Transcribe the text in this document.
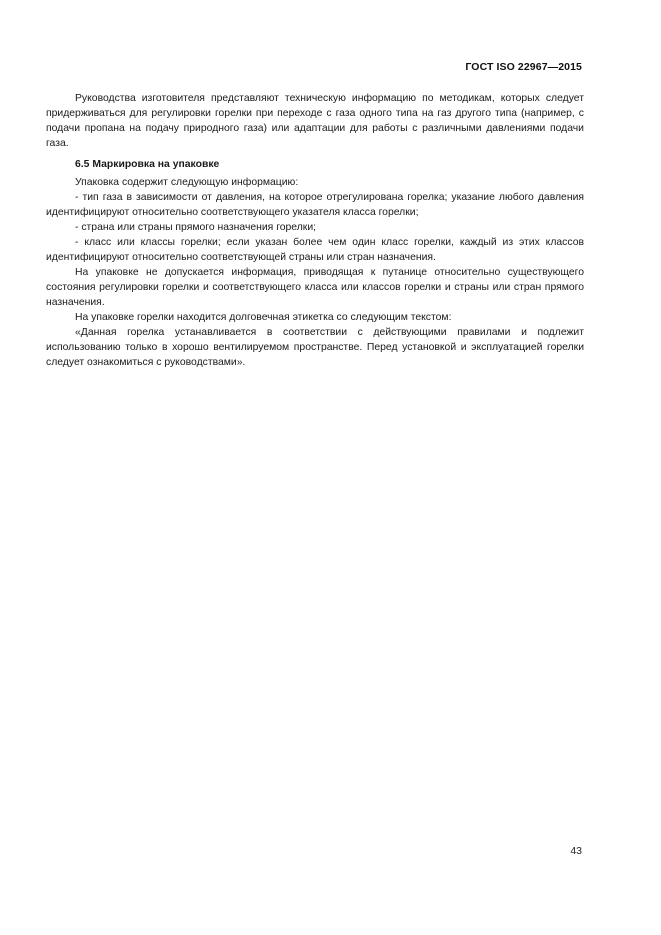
ГОСТ ISO 22967—2015

Руководства изготовителя представляют техническую информацию по методикам, которых следует придерживаться для регулировки горелки при переходе с газа одного типа на газ другого типа (например, с подачи пропана на подачу природного газа) или адаптации для работы с различными давлениями подачи газа.

6.5 Маркировка на упаковке

Упаковка содержит следующую информацию:

- тип газа в зависимости от давления, на которое отрегулирована горелка; указание любого давления идентифицируют относительно соответствующего указателя класса горелки;

- страна или страны прямого назначения горелки;

- класс или классы горелки; если указан более чем один класс горелки, каждый из этих классов идентифицируют относительно соответствующей страны или стран назначения.

На упаковке не допускается информация, приводящая к путанице относительно существующего состояния регулировки горелки и соответствующего класса или классов горелки и страны или стран прямого назначения.

На упаковке горелки находится долговечная этикетка со следующим текстом:

«Данная горелка устанавливается в соответствии с действующими правилами и подлежит использованию только в хорошо вентилируемом пространстве. Перед установкой и эксплуатацией горелки следует ознакомиться с руководствами».

43
